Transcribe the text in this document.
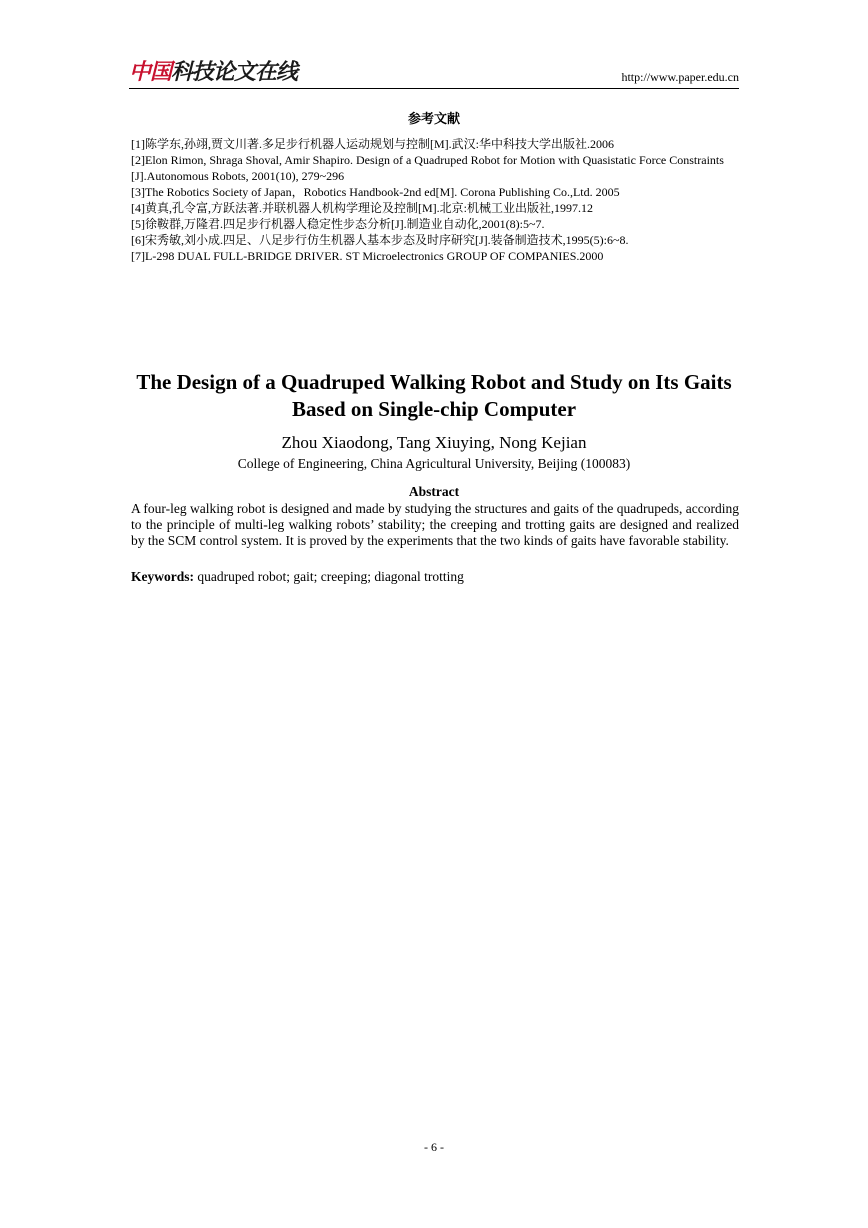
中国科技论文在线	http://www.paper.edu.cn
参考文献
[1]陈学东,孙翊,贾文川著.多足步行机器人运动规划与控制[M].武汉:华中科技大学出版社.2006
[2]Elon Rimon, Shraga Shoval, Amir Shapiro. Design of a Quadruped Robot for Motion with Quasistatic Force Constraints [J].Autonomous Robots, 2001(10), 279~296
[3]The Robotics Society of Japan，Robotics Handbook-2nd ed[M]. Corona Publishing Co.,Ltd. 2005
[4]黄真,孔令富,方跃法著.并联机器人机构学理论及控制[M].北京:机械工业出版社,1997.12
[5]徐鞍群,万隆君.四足步行机器人稳定性步态分析[J].制造业自动化,2001(8):5~7.
[6]宋秀敏,刘小成.四足、八足步行仿生机器人基本步态及时序研究[J].装备制造技术,1995(5):6~8.
[7]L-298 DUAL FULL-BRIDGE DRIVER. ST Microelectronics GROUP OF COMPANIES.2000
The Design of a Quadruped Walking Robot and Study on Its Gaits Based on Single-chip Computer
Zhou Xiaodong, Tang Xiuying, Nong Kejian
College of Engineering, China Agricultural University, Beijing (100083)
Abstract

A four-leg walking robot is designed and made by studying the structures and gaits of the quadrupeds, according to the principle of multi-leg walking robots’ stability; the creeping and trotting gaits are designed and realized by the SCM control system. It is proved by the experiments that the two kinds of gaits have favorable stability.

Keywords: quadruped robot; gait; creeping; diagonal trotting

- 6 -
